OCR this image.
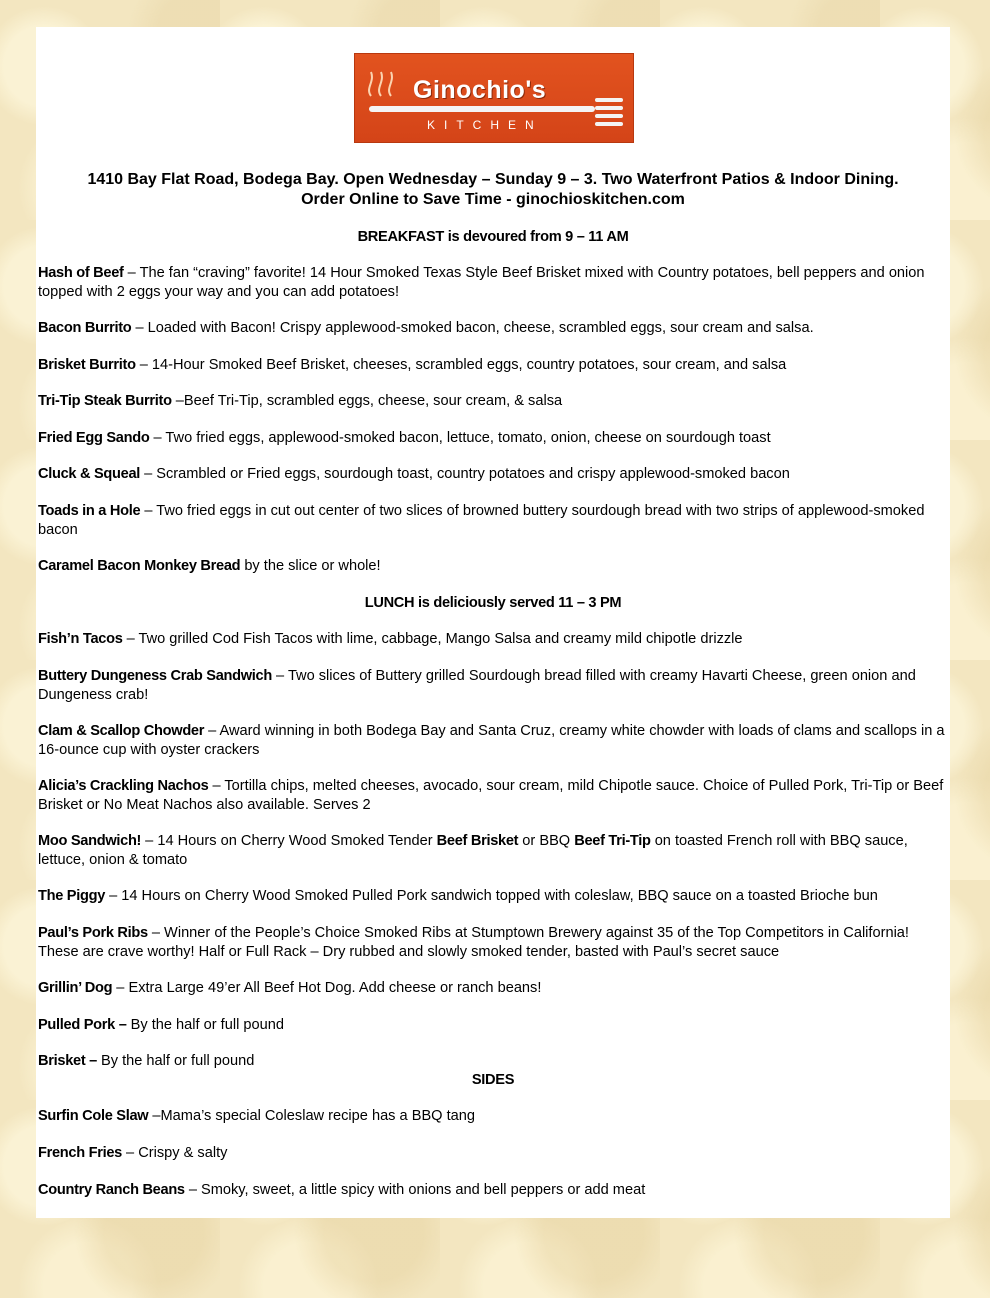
Ginochio's
KITCHEN
1410 Bay Flat Road, Bodega Bay. Open Wednesday – Sunday 9 – 3. Two Waterfront Patios & Indoor Dining.
Order Online to Save Time - ginochioskitchen.com
BREAKFAST is devoured from 9 – 11 AM
Hash of Beef – The fan “craving” favorite! 14 Hour Smoked Texas Style Beef Brisket mixed with Country potatoes, bell peppers and onion topped with 2 eggs your way and you can add potatoes!
Bacon Burrito – Loaded with Bacon! Crispy applewood-smoked bacon, cheese, scrambled eggs, sour cream and salsa.
Brisket Burrito – 14-Hour Smoked Beef Brisket, cheeses, scrambled eggs, country potatoes, sour cream, and salsa
Tri-Tip Steak Burrito –Beef Tri-Tip, scrambled eggs, cheese, sour cream, & salsa
Fried Egg Sando – Two fried eggs, applewood-smoked bacon, lettuce, tomato, onion, cheese on sourdough toast
Cluck & Squeal – Scrambled or Fried eggs, sourdough toast, country potatoes and crispy applewood-smoked bacon
Toads in a Hole – Two fried eggs in cut out center of two slices of browned buttery sourdough bread with two strips of applewood-smoked bacon
Caramel Bacon Monkey Bread by the slice or whole!
LUNCH is deliciously served 11 – 3 PM
Fish’n Tacos – Two grilled Cod Fish Tacos with lime, cabbage, Mango Salsa and creamy mild chipotle drizzle
Buttery Dungeness Crab Sandwich – Two slices of Buttery grilled Sourdough bread filled with creamy Havarti Cheese, green onion and Dungeness crab!
Clam & Scallop Chowder – Award winning in both Bodega Bay and Santa Cruz, creamy white chowder with loads of clams and scallops in a 16-ounce cup with oyster crackers
Alicia’s Crackling Nachos – Tortilla chips, melted cheeses, avocado, sour cream, mild Chipotle sauce. Choice of Pulled Pork, Tri-Tip or Beef Brisket or No Meat Nachos also available. Serves 2
Moo Sandwich! – 14 Hours on Cherry Wood Smoked Tender Beef Brisket or BBQ Beef Tri-Tip on toasted French roll with BBQ sauce, lettuce, onion & tomato
The Piggy – 14 Hours on Cherry Wood Smoked Pulled Pork sandwich topped with coleslaw, BBQ sauce on a toasted Brioche bun
Paul’s Pork Ribs – Winner of the People’s Choice Smoked Ribs at Stumptown Brewery against 35 of the Top Competitors in California! These are crave worthy! Half or Full Rack – Dry rubbed and slowly smoked tender, basted with Paul’s secret sauce
Grillin’ Dog – Extra Large 49’er All Beef Hot Dog. Add cheese or ranch beans!
Pulled Pork – By the half or full pound
Brisket – By the half or full pound
SIDES
Surfin Cole Slaw –Mama’s special Coleslaw recipe has a BBQ tang
French Fries – Crispy & salty
Country Ranch Beans – Smoky, sweet, a little spicy with onions and bell peppers or add meat
